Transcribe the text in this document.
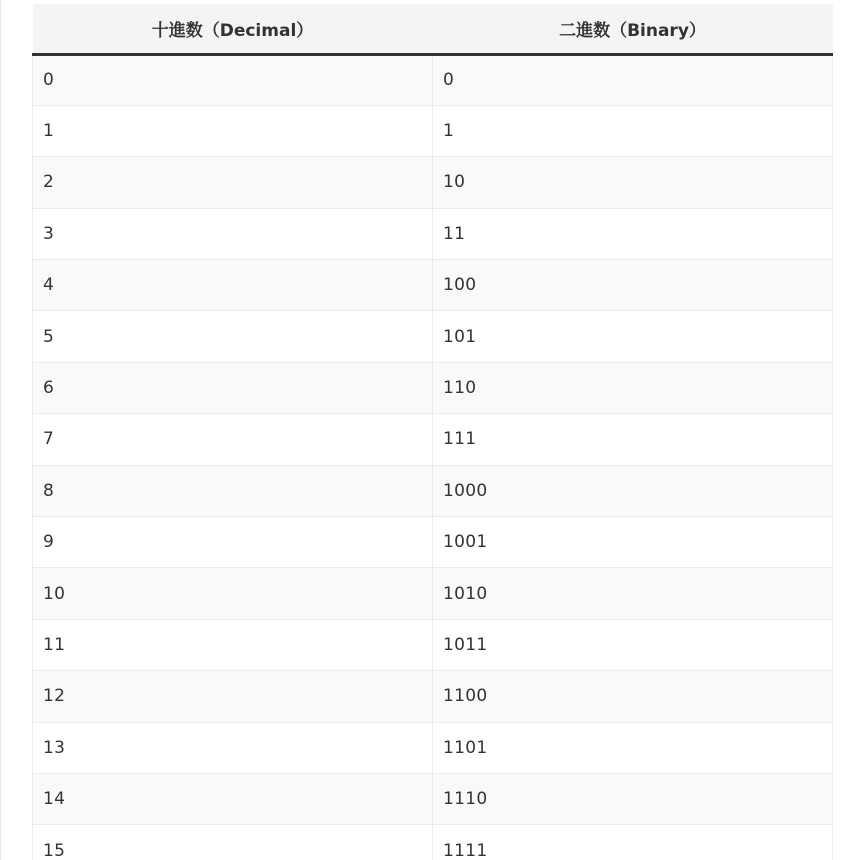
十進数（Decimal）	二進数（Binary）
0	0
1	1
2	10
3	11
4	100
5	101
6	110
7	111
8	1000
9	1001
10	1010
11	1011
12	1100
13	1101
14	1110
15	1111
